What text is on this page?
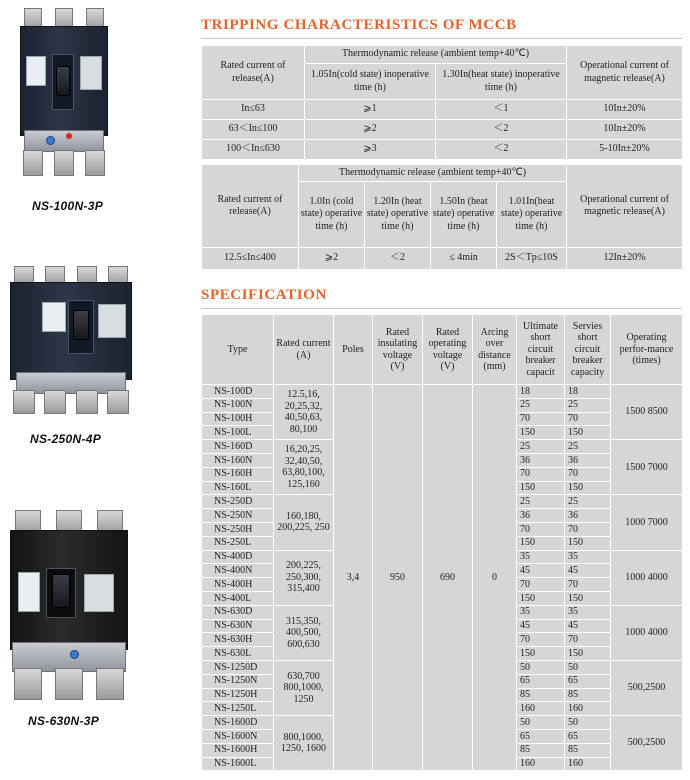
NS-100N-3P
NS-250N-4P
NS-630N-3P
TRIPPING CHARACTERISTICS OF MCCB
Rated current of release(A)	Thermodynamic release (ambient temp+40℃)		Operational current of magnetic release(A)
	1.05In(cold state) inoperative time (h)	1.30In(heat state) inoperative time (h)	
In≤63	⩾1	＜1	10In±20%
63＜In≤100	⩾2	＜2	10In±20%
100＜In≤630	⩾3	＜2	5-10In±20%
Rated current of release(A)	Thermodynamic release (ambient temp+40℃)				Operational current of magnetic release(A)
	1.0In (cold state) operative time (h)	1.20In (heat state) operative time (h)	1.50In (heat state) operative time (h)	1.01In(heat state) operative time (h)	
12.5≤In≤400	⩾2	＜2	≤ 4min	2S＜Tp≤10S	12In±20%
SPECIFICATION
Type	Rated current (A)	Poles	Rated insulating voltage (V)	Rated operating voltage (V)	Arcing over distance (mm)	Ultimate short circuit breaker capacit	Servies short circuit breaker capacity	Operating perfor-mance (times)
NS-100D	12.5,16, 20,25,32, 40,50,63, 80,100	3,4	950	690	0	18	18	1500 8500
NS-100N						25	25	
NS-100H						70	70	
NS-100L						150	150	
NS-160D	16,20,25, 32,40,50, 63,80,100, 125,160					25	25	1500 7000
NS-160N						36	36	
NS-160H						70	70	
NS-160L						150	150	
NS-250D	160,180, 200,225, 250					25	25	1000 7000
NS-250N						36	36	
NS-250H						70	70	
NS-250L						150	150	
NS-400D	200,225, 250,300, 315,400					35	35	1000 4000
NS-400N						45	45	
NS-400H						70	70	
NS-400L						150	150	
NS-630D	315,350, 400,500, 600,630					35	35	1000 4000
NS-630N						45	45	
NS-630H						70	70	
NS-630L						150	150	
NS-1250D	630,700 800,1000, 1250					50	50	500,2500
NS-1250N						65	65	
NS-1250H						85	85	
NS-1250L						160	160	
NS-1600D	800,1000, 1250, 1600					50	50	500,2500
NS-1600N						65	65	
NS-1600H						85	85	
NS-1600L						160	160	
